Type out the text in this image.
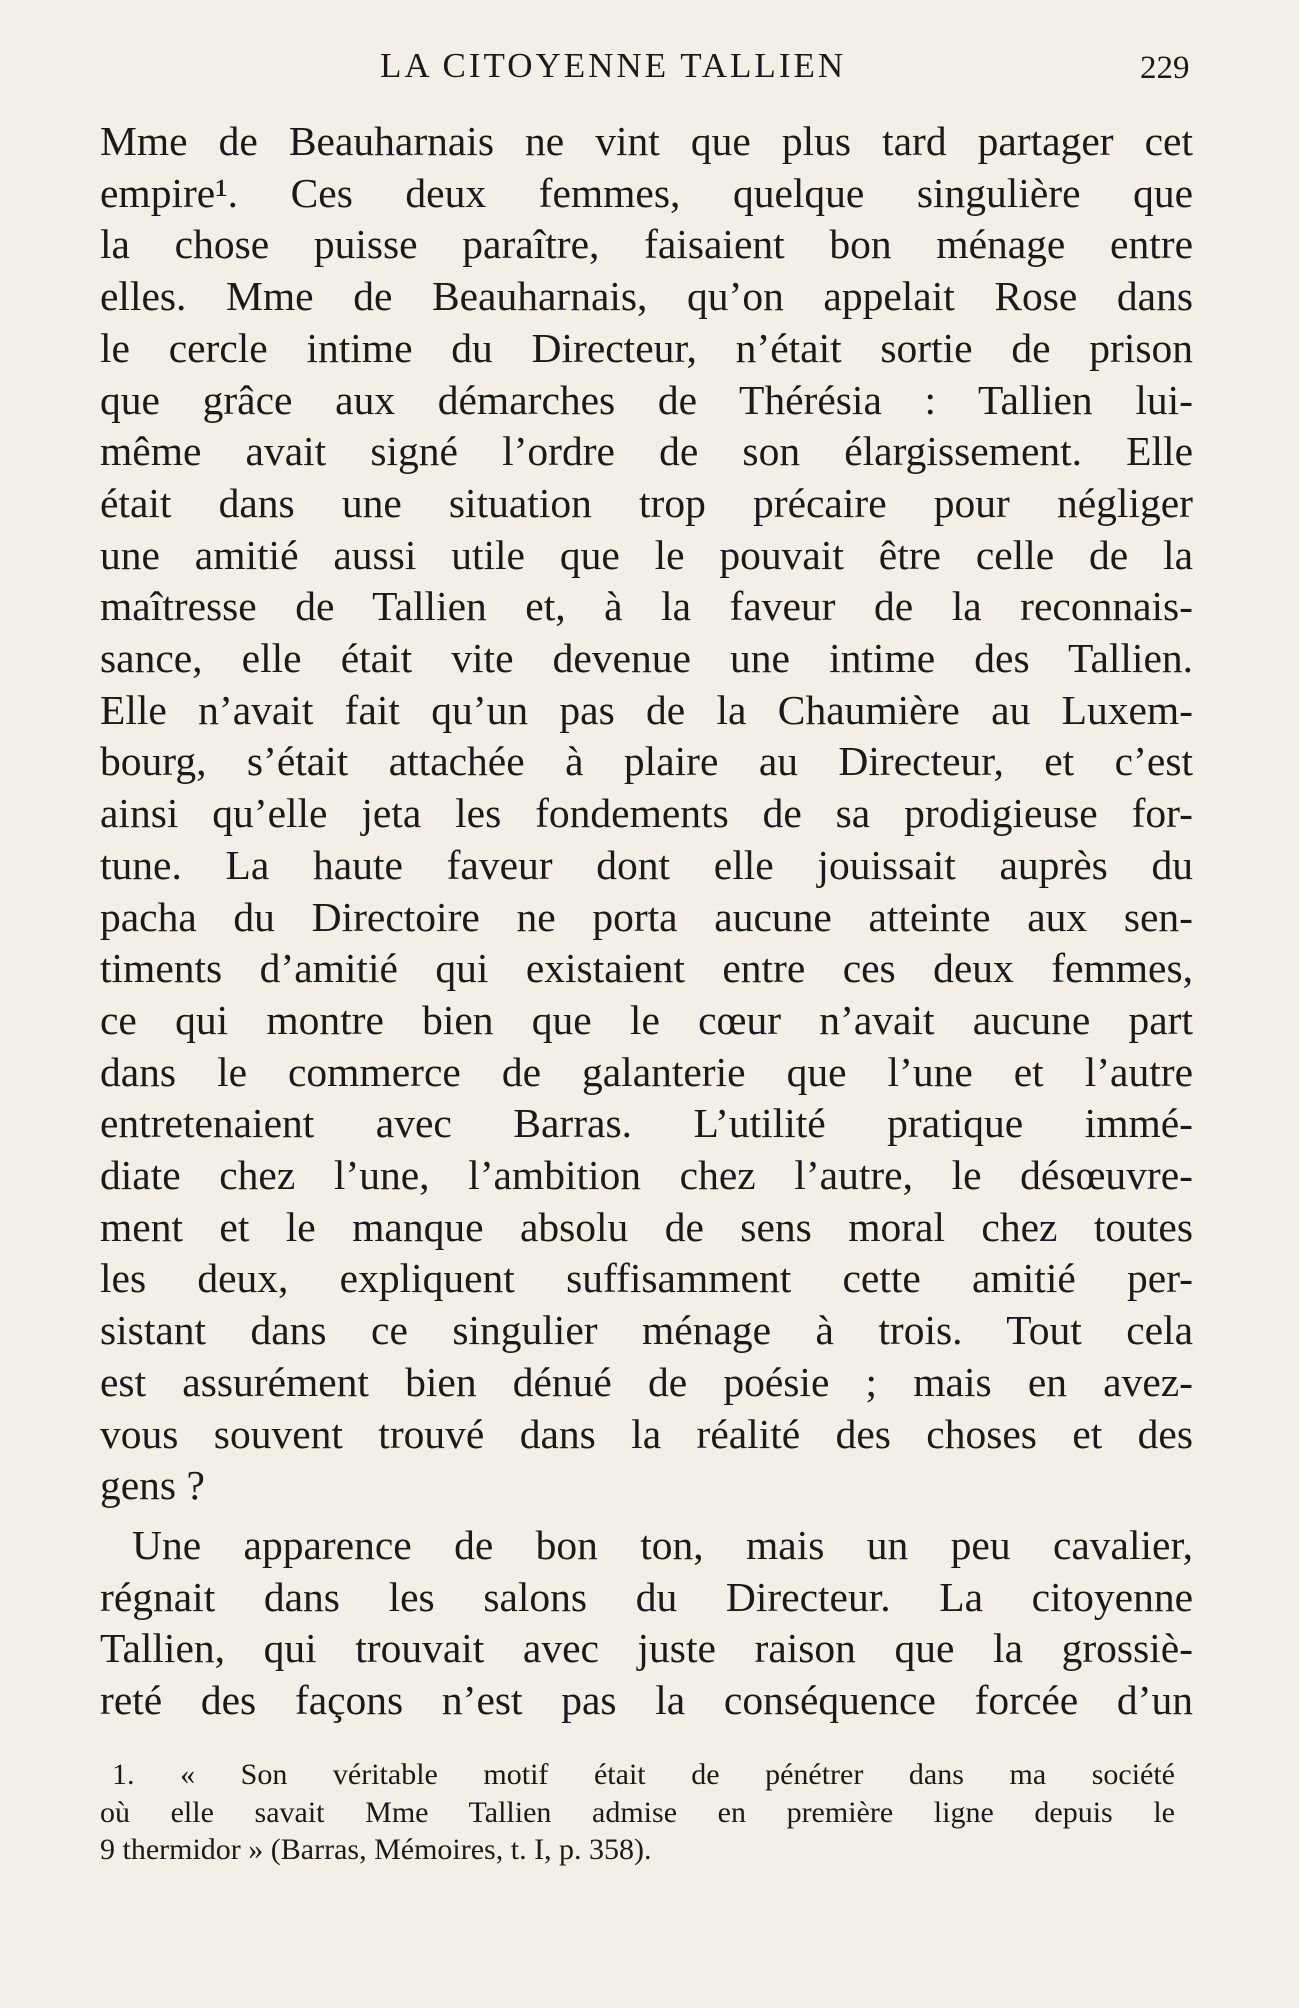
LA CITOYENNE TALLIEN	229
Mme de Beauharnais ne vint que plus tard partager cet
empire¹. Ces deux femmes, quelque singulière que
la chose puisse paraître, faisaient bon ménage entre
elles. Mme de Beauharnais, qu’on appelait Rose dans
le cercle intime du Directeur, n’était sortie de prison
que grâce aux démarches de Thérésia : Tallien lui-
même avait signé l’ordre de son élargissement. Elle
était dans une situation trop précaire pour négliger
une amitié aussi utile que le pouvait être celle de la
maîtresse de Tallien et, à la faveur de la reconnais-
sance, elle était vite devenue une intime des Tallien.
Elle n’avait fait qu’un pas de la Chaumière au Luxem-
bourg, s’était attachée à plaire au Directeur, et c’est
ainsi qu’elle jeta les fondements de sa prodigieuse for-
tune. La haute faveur dont elle jouissait auprès du
pacha du Directoire ne porta aucune atteinte aux sen-
timents d’amitié qui existaient entre ces deux femmes,
ce qui montre bien que le cœur n’avait aucune part
dans le commerce de galanterie que l’une et l’autre
entretenaient avec Barras. L’utilité pratique immé-
diate chez l’une, l’ambition chez l’autre, le désœuvre-
ment et le manque absolu de sens moral chez toutes
les deux, expliquent suffisamment cette amitié per-
sistant dans ce singulier ménage à trois. Tout cela
est assurément bien dénué de poésie ; mais en avez-
vous souvent trouvé dans la réalité des choses et des
gens ?
Une apparence de bon ton, mais un peu cavalier,
régnait dans les salons du Directeur. La citoyenne
Tallien, qui trouvait avec juste raison que la grossiè-
reté des façons n’est pas la conséquence forcée d’un
1. « Son véritable motif était de pénétrer dans ma société
où elle savait Mme Tallien admise en première ligne depuis le
9 thermidor » (Barras, Mémoires, t. I, p. 358).
